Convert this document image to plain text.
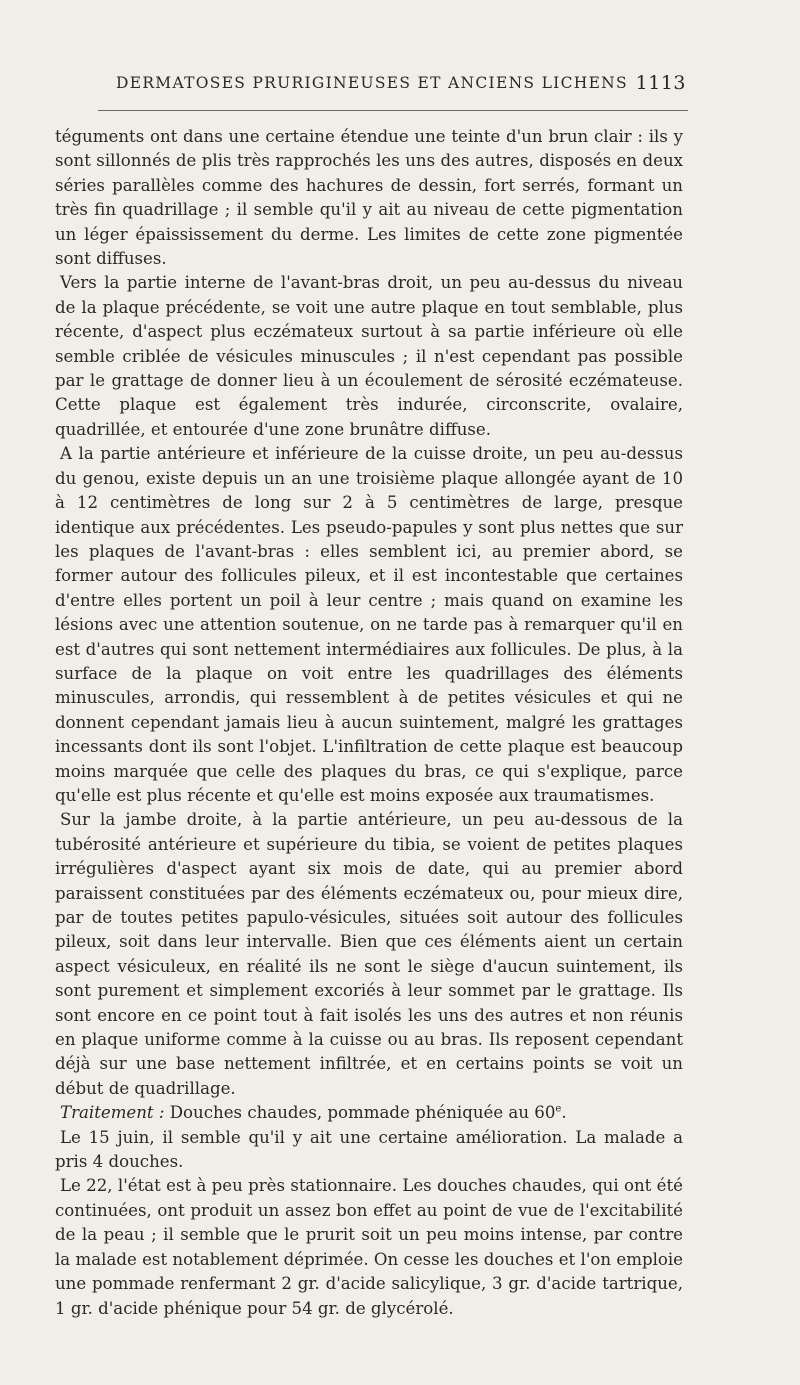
DERMATOSES PRURIGINEUSES ET ANCIENS LICHENS 1113

téguments ont dans une certaine étendue une teinte d'un brun clair : ils y sont sillonnés de plis très rapprochés les uns des autres, disposés en deux séries parallèles comme des hachures de dessin, fort serrés, formant un très fin quadrillage ; il semble qu'il y ait au niveau de cette pigmentation un léger épaississement du derme. Les limites de cette zone pigmentée sont diffuses.

Vers la partie interne de l'avant-bras droit, un peu au-dessus du niveau de la plaque précédente, se voit une autre plaque en tout semblable, plus récente, d'aspect plus eczémateux surtout à sa partie inférieure où elle semble criblée de vésicules minuscules ; il n'est cependant pas possible par le grattage de donner lieu à un écoulement de sérosité eczémateuse. Cette plaque est également très indurée, circonscrite, ovalaire, quadrillée, et entourée d'une zone brunâtre diffuse.

A la partie antérieure et inférieure de la cuisse droite, un peu au-dessus du genou, existe depuis un an une troisième plaque allongée ayant de 10 à 12 centimètres de long sur 2 à 5 centimètres de large, presque identique aux précédentes. Les pseudo-papules y sont plus nettes que sur les plaques de l'avant-bras : elles semblent ici, au premier abord, se former autour des follicules pileux, et il est incontestable que certaines d'entre elles portent un poil à leur centre ; mais quand on examine les lésions avec une attention soutenue, on ne tarde pas à remarquer qu'il en est d'autres qui sont nettement intermédiaires aux follicules. De plus, à la surface de la plaque on voit entre les quadrillages des éléments minuscules, arrondis, qui ressemblent à de petites vésicules et qui ne donnent cependant jamais lieu à aucun suintement, malgré les grattages incessants dont ils sont l'objet. L'infiltration de cette plaque est beaucoup moins marquée que celle des plaques du bras, ce qui s'explique, parce qu'elle est plus récente et qu'elle est moins exposée aux traumatismes.

Sur la jambe droite, à la partie antérieure, un peu au-dessous de la tubérosité antérieure et supérieure du tibia, se voient de petites plaques irrégulières d'aspect ayant six mois de date, qui au premier abord paraissent constituées par des éléments eczémateux ou, pour mieux dire, par de toutes petites papulo-vésicules, situées soit autour des follicules pileux, soit dans leur intervalle. Bien que ces éléments aient un certain aspect vésiculeux, en réalité ils ne sont le siège d'aucun suintement, ils sont purement et simplement excoriés à leur sommet par le grattage. Ils sont encore en ce point tout à fait isolés les uns des autres et non réunis en plaque uniforme comme à la cuisse ou au bras. Ils reposent cependant déjà sur une base nettement infiltrée, et en certains points se voit un début de quadrillage.

Traitement : Douches chaudes, pommade phéniquée au 60e.

Le 15 juin, il semble qu'il y ait une certaine amélioration. La malade a pris 4 douches.

Le 22, l'état est à peu près stationnaire. Les douches chaudes, qui ont été continuées, ont produit un assez bon effet au point de vue de l'excitabilité de la peau ; il semble que le prurit soit un peu moins intense, par contre la malade est notablement déprimée. On cesse les douches et l'on emploie une pommade renfermant 2 gr. d'acide salicylique, 3 gr. d'acide tartrique, 1 gr. d'acide phénique pour 54 gr. de glycérolé.
